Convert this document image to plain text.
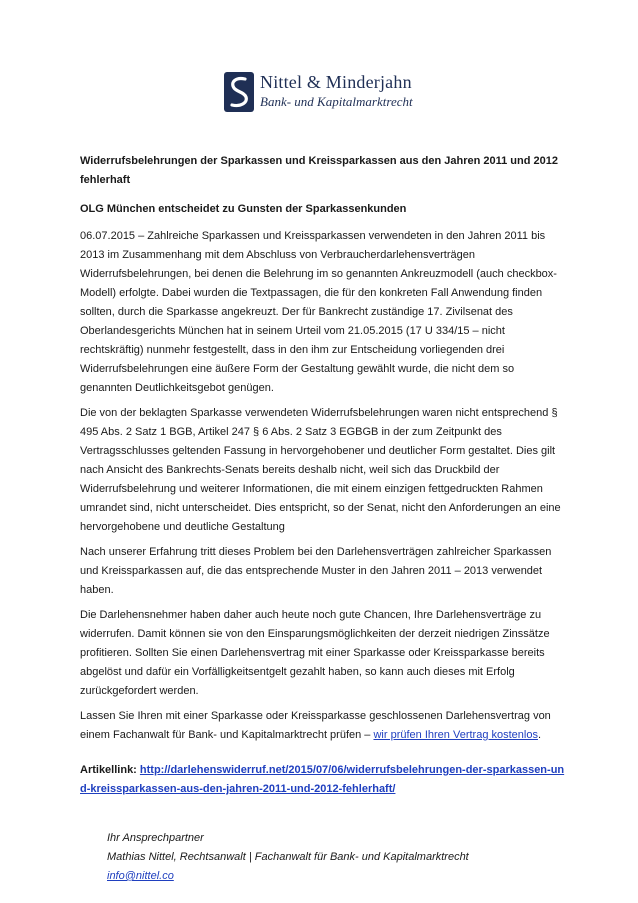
Nittel & Minderjahn
Bank- und Kapitalmarktrecht

Widerrufsbelehrungen der Sparkassen und Kreissparkassen aus den Jahren 2011 und 2012 fehlerhaft

OLG München entscheidet zu Gunsten der Sparkassenkunden

06.07.2015 – Zahlreiche Sparkassen und Kreissparkassen verwendeten in den Jahren 2011 bis 2013 im Zusammenhang mit dem Abschluss von Verbraucherdarlehensverträgen Widerrufsbelehrungen, bei denen die Belehrung im so genannten Ankreuzmodell (auch checkbox-Modell) erfolgte. Dabei wurden die Textpassagen, die für den konkreten Fall Anwendung finden sollten, durch die Sparkasse angekreuzt. Der für Bankrecht zuständige 17. Zivilsenat des Oberlandesgerichts München hat in seinem Urteil vom 21.05.2015 (17 U 334/15 – nicht rechtskräftig) nunmehr festgestellt, dass in den ihm zur Entscheidung vorliegenden drei Widerrufsbelehrungen eine äußere Form der Gestaltung gewählt wurde, die nicht dem so genannten Deutlichkeitsgebot genügen.

Die von der beklagten Sparkasse verwendeten Widerrufsbelehrungen waren nicht entsprechend § 495 Abs. 2 Satz 1 BGB, Artikel 247 § 6 Abs. 2 Satz 3 EGBGB in der zum Zeitpunkt des Vertragsschlusses geltenden Fassung in hervorgehobener und deutlicher Form gestaltet. Dies gilt nach Ansicht des Bankrechts-Senats bereits deshalb nicht, weil sich das Druckbild der Widerrufsbelehrung und weiterer Informationen, die mit einem einzigen fettgedruckten Rahmen umrandet sind, nicht unterscheidet. Dies entspricht, so der Senat, nicht den Anforderungen an eine hervorgehobene und deutliche Gestaltung

Nach unserer Erfahrung tritt dieses Problem bei den Darlehensverträgen zahlreicher Sparkassen und Kreissparkassen auf, die das entsprechende Muster in den Jahren 2011 – 2013 verwendet haben.

Die Darlehensnehmer haben daher auch heute noch gute Chancen, Ihre Darlehensverträge zu widerrufen. Damit können sie von den Einsparungsmöglichkeiten der derzeit niedrigen Zinssätze profitieren. Sollten Sie einen Darlehensvertrag mit einer Sparkasse oder Kreissparkasse bereits abgelöst und dafür ein Vorfälligkeitsentgelt gezahlt haben, so kann auch dieses mit Erfolg zurückgefordert werden.

Lassen Sie Ihren mit einer Sparkasse oder Kreissparkasse geschlossenen Darlehensvertrag von einem Fachanwalt für Bank- und Kapitalmarktrecht prüfen – wir prüfen Ihren Vertrag kostenlos.

Artikellink: http://darlehenswiderruf.net/2015/07/06/widerrufsbelehrungen-der-sparkassen-und-kreissparkassen-aus-den-jahren-2011-und-2012-fehlerhaft/

Ihr Ansprechpartner
Mathias Nittel, Rechtsanwalt | Fachanwalt für Bank- und Kapitalmarktrecht
info@nittel.co
